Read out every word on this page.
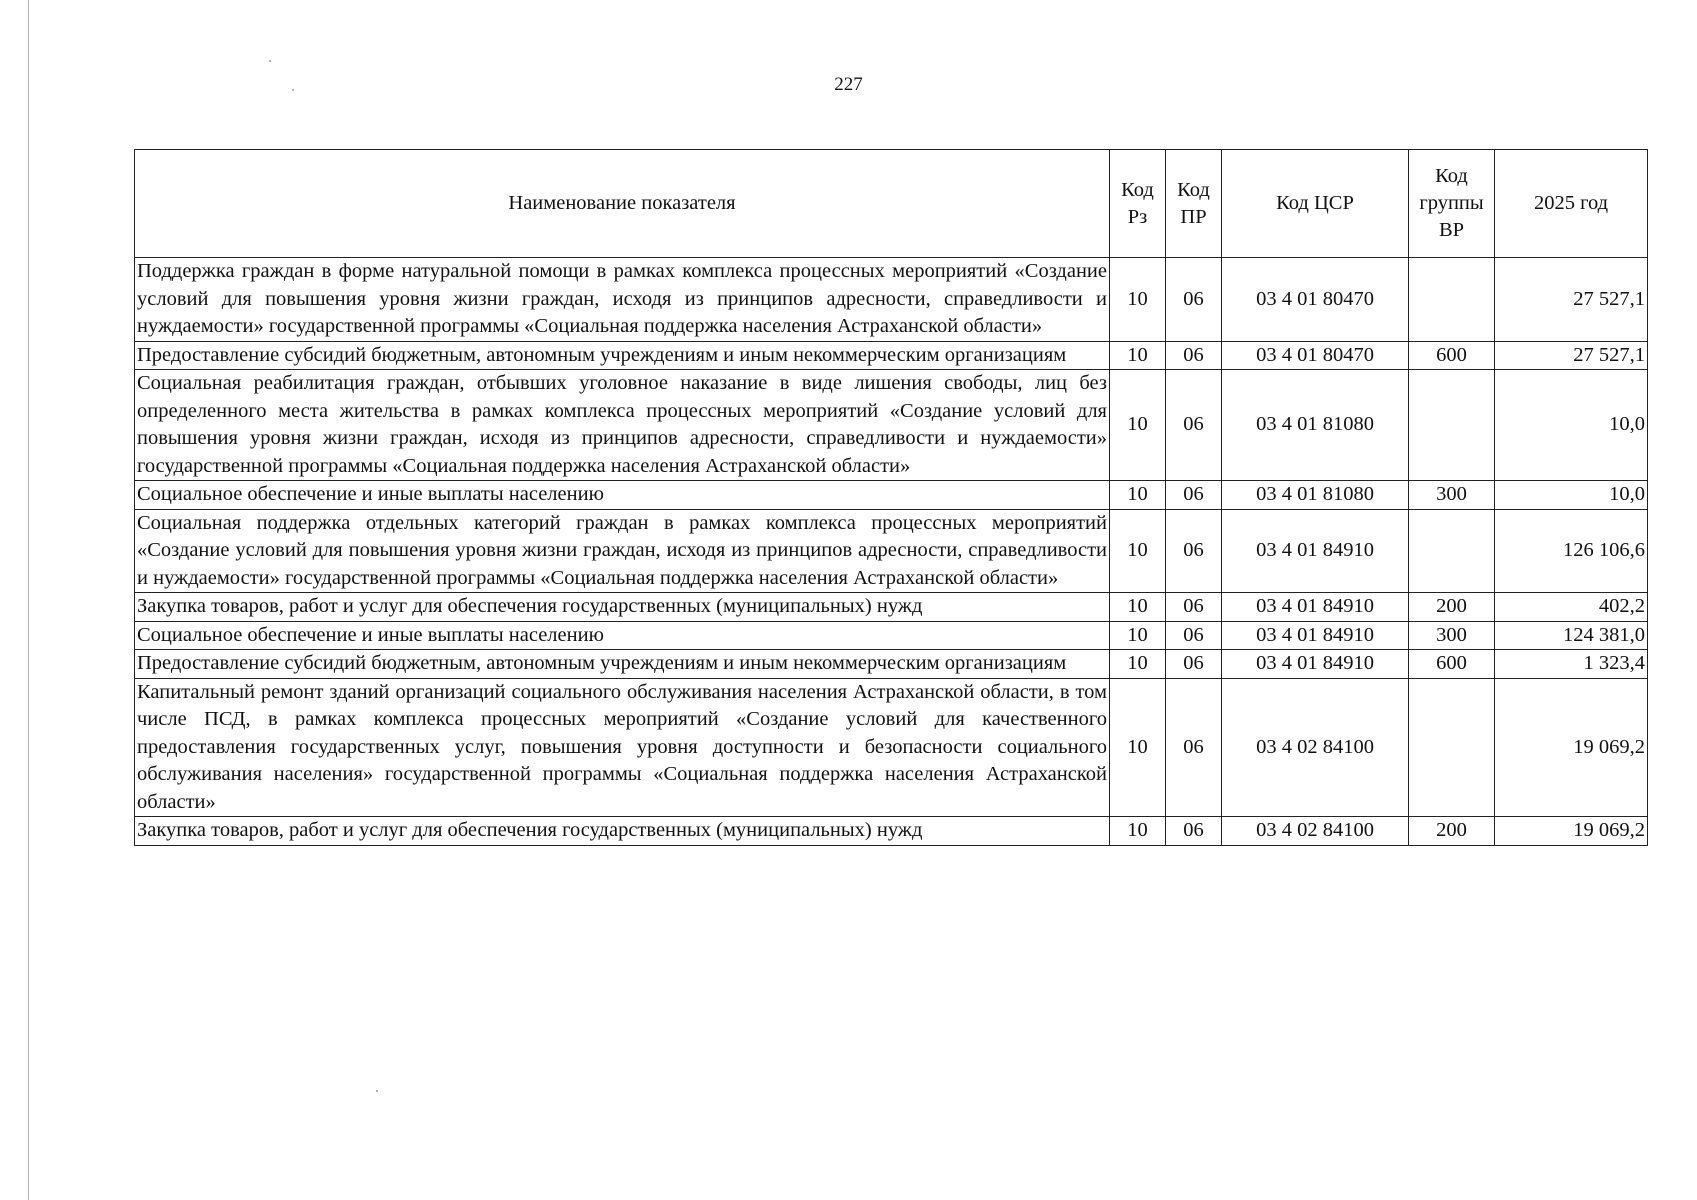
227
Наименование показателя	Код Рз	Код ПР	Код ЦСР	Код группы ВР	2025 год
Поддержка граждан в форме натуральной помощи в рамках комплекса процессных мероприятий «Создание условий для повышения уровня жизни граждан, исходя из принципов адресности, справедливости и нуждаемости» государственной программы «Социальная поддержка населения Астраханской области»	10	06	03 4 01 80470		27 527,1
Предоставление субсидий бюджетным, автономным учреждениям и иным некоммерческим организациям	10	06	03 4 01 80470	600	27 527,1
Социальная реабилитация граждан, отбывших уголовное наказание в виде лишения свободы, лиц без определенного места жительства в рамках комплекса процессных мероприятий «Создание условий для повышения уровня жизни граждан, исходя из принципов адресности, справедливости и нуждаемости» государственной программы «Социальная поддержка населения Астраханской области»	10	06	03 4 01 81080		10,0
Социальное обеспечение и иные выплаты населению	10	06	03 4 01 81080	300	10,0
Социальная поддержка отдельных категорий граждан в рамках комплекса процессных мероприятий «Создание условий для повышения уровня жизни граждан, исходя из принципов адресности, справедливости и нуждаемости» государственной программы «Социальная поддержка населения Астраханской области»	10	06	03 4 01 84910		126 106,6
Закупка товаров, работ и услуг для обеспечения государственных (муниципальных) нужд	10	06	03 4 01 84910	200	402,2
Социальное обеспечение и иные выплаты населению	10	06	03 4 01 84910	300	124 381,0
Предоставление субсидий бюджетным, автономным учреждениям и иным некоммерческим организациям	10	06	03 4 01 84910	600	1 323,4
Капитальный ремонт зданий организаций социального обслуживания населения Астраханской области, в том числе ПСД, в рамках комплекса процессных мероприятий «Создание условий для качественного предоставления государственных услуг, повышения уровня доступности и безопасности социального обслуживания населения» государственной программы «Социальная поддержка населения Астраханской области»	10	06	03 4 02 84100		19 069,2
Закупка товаров, работ и услуг для обеспечения государственных (муниципальных) нужд	10	06	03 4 02 84100	200	19 069,2
